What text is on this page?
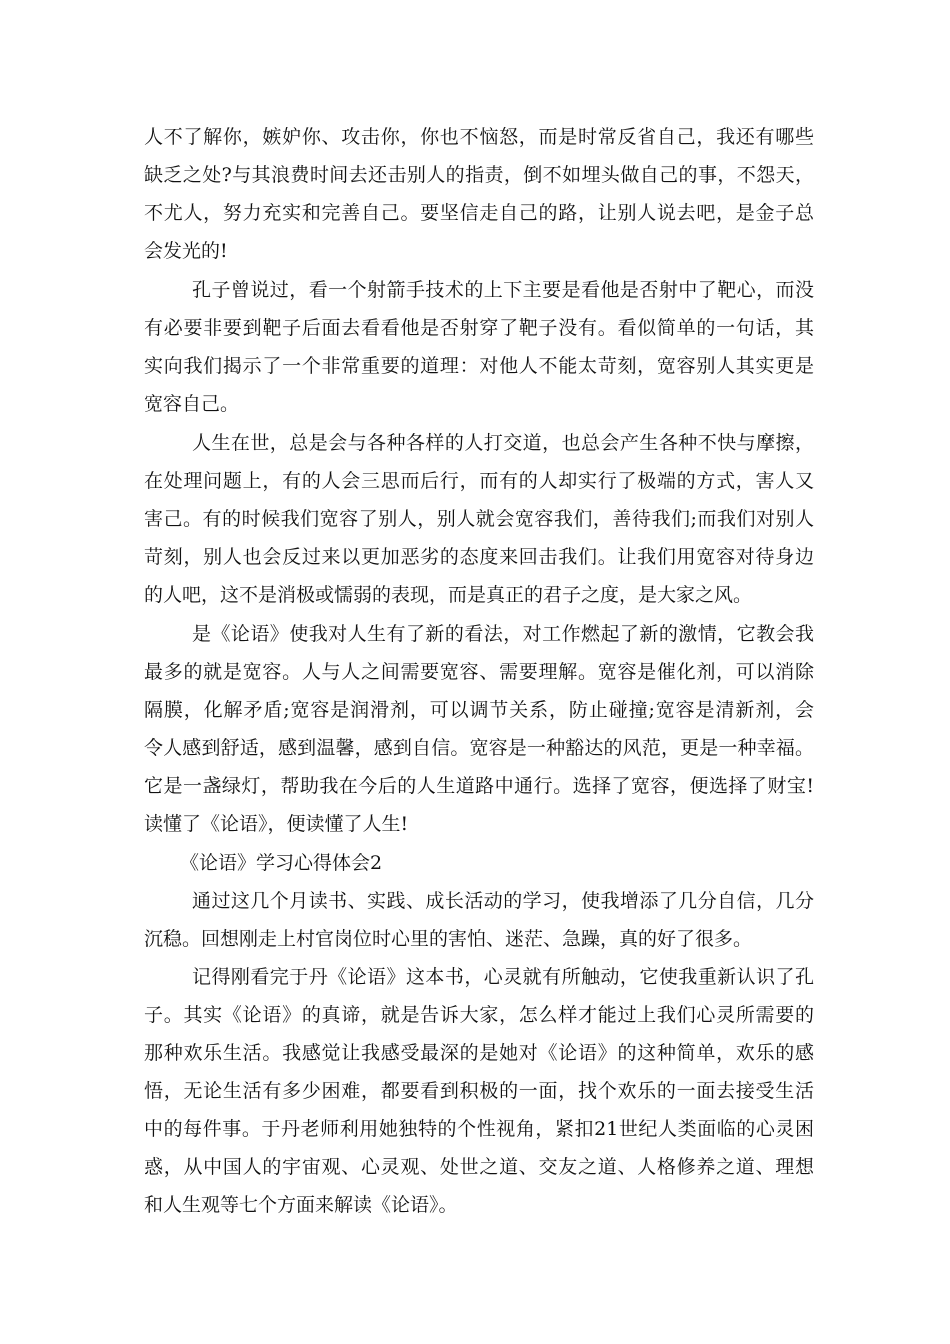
人不了解你，嫉妒你、攻击你，你也不恼怒，而是时常反省自己，我还有哪些
缺乏之处?与其浪费时间去还击别人的指责，倒不如埋头做自己的事，不怨天，
不尤人，努力充实和完善自己。要坚信走自己的路，让别人说去吧，是金子总
会发光的!
孔子曾说过，看一个射箭手技术的上下主要是看他是否射中了靶心，而没
有必要非要到靶子后面去看看他是否射穿了靶子没有。看似简单的一句话，其
实向我们揭示了一个非常重要的道理：对他人不能太苛刻，宽容别人其实更是
宽容自己。
人生在世，总是会与各种各样的人打交道，也总会产生各种不快与摩擦，
在处理问题上，有的人会三思而后行，而有的人却实行了极端的方式，害人又
害己。有的时候我们宽容了别人，别人就会宽容我们，善待我们;而我们对别人
苛刻，别人也会反过来以更加恶劣的态度来回击我们。让我们用宽容对待身边
的人吧，这不是消极或懦弱的表现，而是真正的君子之度，是大家之风。
是《论语》使我对人生有了新的看法，对工作燃起了新的激情，它教会我
最多的就是宽容。人与人之间需要宽容、需要理解。宽容是催化剂，可以消除
隔膜，化解矛盾;宽容是润滑剂，可以调节关系，防止碰撞;宽容是清新剂，会
令人感到舒适，感到温馨，感到自信。宽容是一种豁达的风范，更是一种幸福。
它是一盏绿灯，帮助我在今后的人生道路中通行。选择了宽容，便选择了财宝!
读懂了《论语》，便读懂了人生!
《论语》学习心得体会2
通过这几个月读书、实践、成长活动的学习，使我增添了几分自信，几分
沉稳。回想刚走上村官岗位时心里的害怕、迷茫、急躁，真的好了很多。
记得刚看完于丹《论语》这本书，心灵就有所触动，它使我重新认识了孔
子。其实《论语》的真谛，就是告诉大家，怎么样才能过上我们心灵所需要的
那种欢乐生活。我感觉让我感受最深的是她对《论语》的这种简单，欢乐的感
悟，无论生活有多少困难，都要看到积极的一面，找个欢乐的一面去接受生活
中的每件事。于丹老师利用她独特的个性视角，紧扣21世纪人类面临的心灵困
惑，从中国人的宇宙观、心灵观、处世之道、交友之道、人格修养之道、理想
和人生观等七个方面来解读《论语》。
